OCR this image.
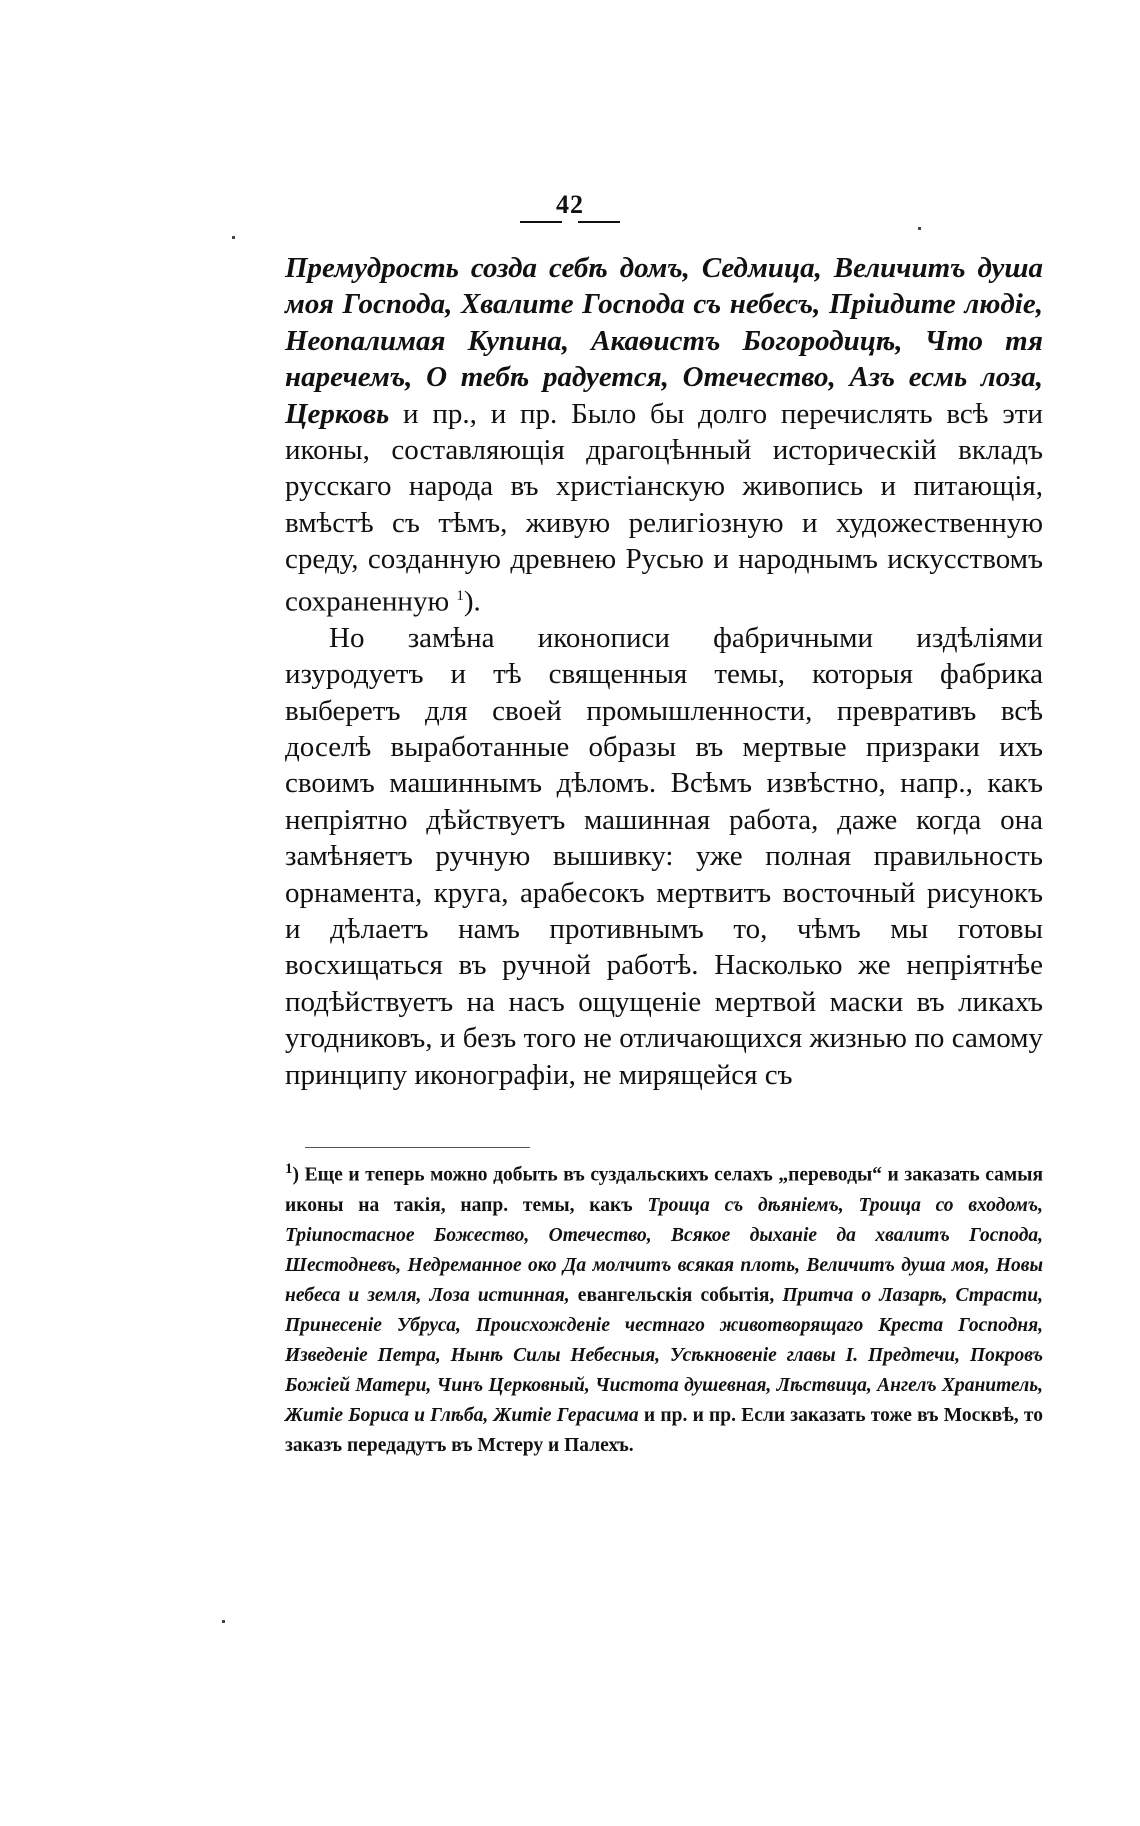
42

Премудрость созда себѣ домъ, Седмица, Величитъ душа моя Господа, Хвалите Господа съ небесъ, Пріидите людіе, Неопалимая Купина, Акаѳистъ Богородицѣ, Что тя наречемъ, О тебѣ радуется, Отечество, Азъ есмь лоза, Церковь и пр., и пр. Было бы долго перечислять всѣ эти иконы, составляющія драгоцѣнный историческій вкладъ русскаго народа въ христіанскую живопись и питающія, вмѣстѣ съ тѣмъ, живую религіозную и художественную среду, созданную древнею Русью и народнымъ искусствомъ сохраненную $^1$).

Но замѣна иконописи фабричными издѣліями изуродуетъ и тѣ священныя темы, которыя фабрика выберетъ для своей промышленности, превративъ всѣ доселѣ выработанные образы въ мертвые призраки ихъ своимъ машиннымъ дѣломъ. Всѣмъ извѣстно, напр., какъ непріятно дѣйствуетъ машинная работа, даже когда она замѣняетъ ручную вышивку: уже полная правильность орнамента, круга, арабесокъ мертвитъ восточный рисунокъ и дѣлаетъ намъ противнымъ то, чѣмъ мы готовы восхищаться въ ручной работѣ. Насколько же непріятнѣе подѣйствуетъ на насъ ощущеніе мертвой маски въ ликахъ угодниковъ, и безъ того не отличающихся жизнью по самому принципу иконографіи, не мирящейся съ

$^1$) Еще и теперь можно добыть въ суздальскихъ селахъ „переводы“ и заказать самыя иконы на такія, напр. темы, какъ Троица съ дѣяніемъ, Троица со входомъ, Тріипостасное Божество, Отечество, Всякое дыханіе да хвалитъ Господа, Шестодневъ, Недреманное око Да молчитъ всякая плоть, Величитъ душа моя, Новы небеса и земля, Лоза истинная, евангельскія событія, Притча о Лазарѣ, Страсти, Принесеніе Убруса, Происхожденіе честнаго животворящаго Креста Господня, Изведеніе Петра, Нынѣ Силы Небесныя, Усѣкновеніе главы І. Предтечи, Покровъ Божіей Матери, Чинъ Церковный, Чистота душевная, Лѣствица, Ангелъ Хранитель, Житіе Бориса и Глѣба, Житіе Герасима и пр. и пр. Если заказать тоже въ Москвѣ, то заказъ передадутъ въ Мстеру и Палехъ.
